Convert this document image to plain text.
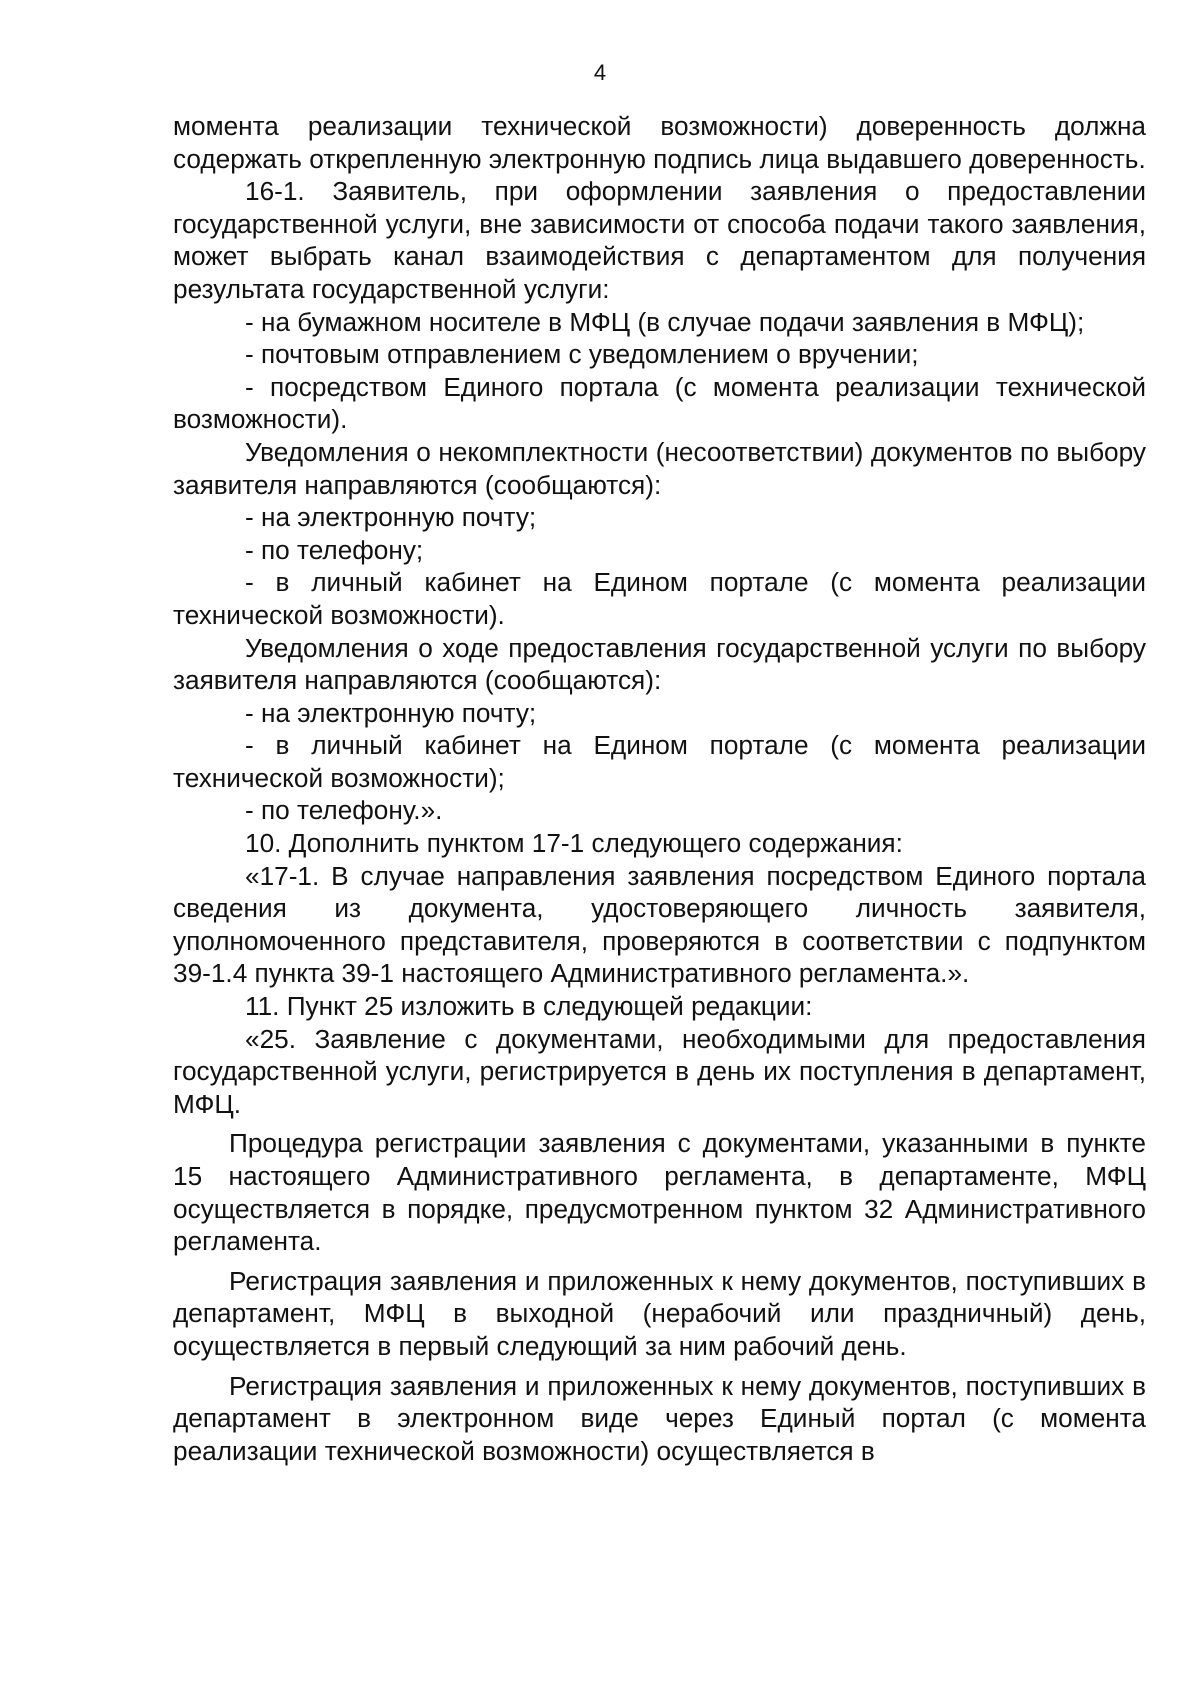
4

момента реализации технической возможности) доверенность должна содержать открепленную электронную подпись лица выдавшего доверенность.

16-1. Заявитель, при оформлении заявления о предоставлении государственной услуги, вне зависимости от способа подачи такого заявления, может выбрать канал взаимодействия с департаментом для получения результата государственной услуги:

- на бумажном носителе в МФЦ (в случае подачи заявления в МФЦ);

- почтовым отправлением с уведомлением о вручении;

- посредством Единого портала (с момента реализации технической возможности).

Уведомления о некомплектности (несоответствии) документов по выбору заявителя направляются (сообщаются):

- на электронную почту;

- по телефону;

- в личный кабинет на Едином портале (с момента реализации технической возможности).

Уведомления о ходе предоставления государственной услуги по выбору заявителя направляются (сообщаются):

- на электронную почту;

- в личный кабинет на Едином портале (с момента реализации технической возможности);

- по телефону.».

10. Дополнить пунктом 17-1 следующего содержания:

«17-1. В случае направления заявления посредством Единого портала сведения из документа, удостоверяющего личность заявителя, уполномоченного представителя, проверяются в соответствии с подпунктом 39-1.4 пункта 39-1 настоящего Административного регламента.».

11. Пункт 25 изложить в следующей редакции:

«25. Заявление с документами, необходимыми для предоставления государственной услуги, регистрируется в день их поступления в департамент, МФЦ.

Процедура регистрации заявления с документами, указанными в пункте 15 настоящего Административного регламента, в департаменте, МФЦ осуществляется в порядке, предусмотренном пунктом 32 Административного регламента.

Регистрация заявления и приложенных к нему документов, поступивших в департамент, МФЦ в выходной (нерабочий или праздничный) день, осуществляется в первый следующий за ним рабочий день.

Регистрация заявления и приложенных к нему документов, поступивших в департамент в электронном виде через Единый портал (с момента реализации технической возможности) осуществляется в
